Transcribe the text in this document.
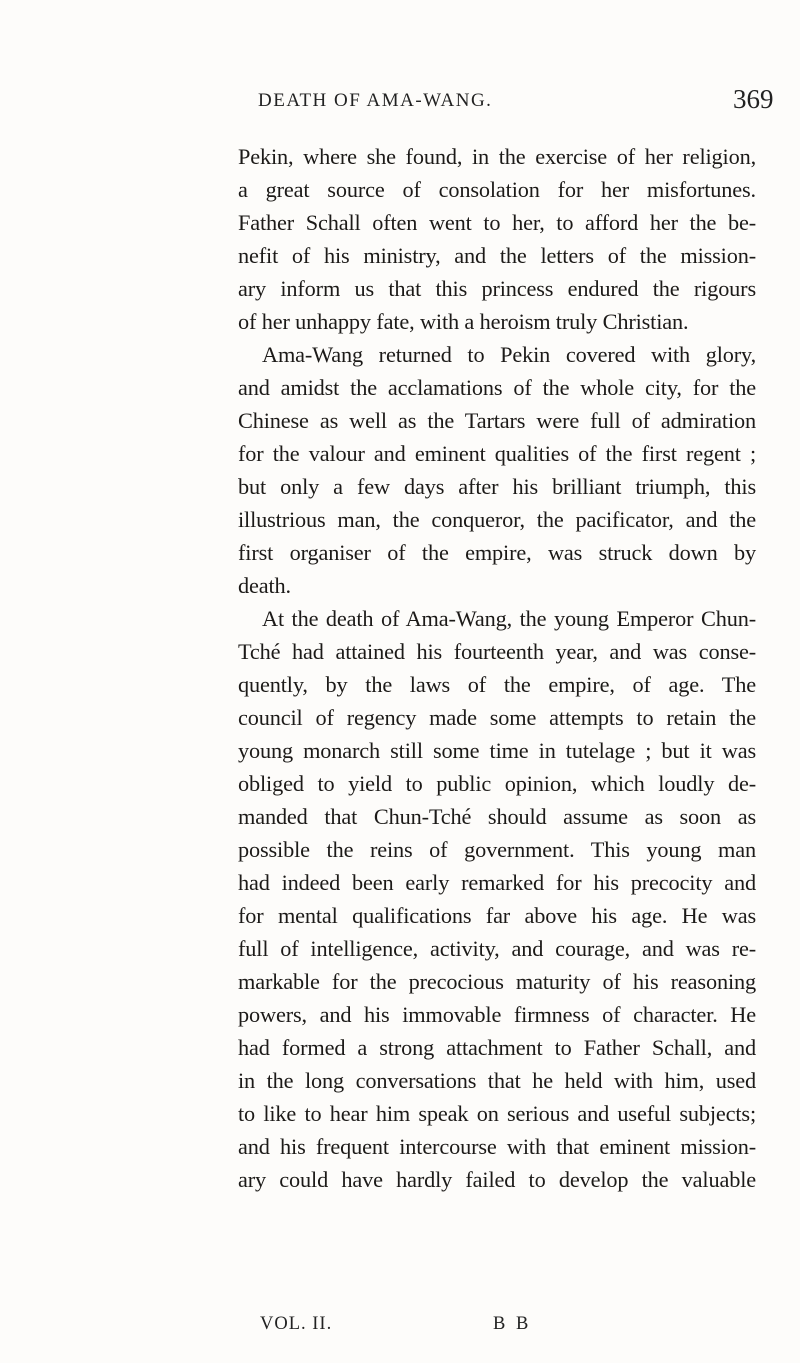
DEATH OF AMA-WANG.	369
Pekin, where she found, in the exercise of her religion,
a great source of consolation for her misfortunes.
Father Schall often went to her, to afford her the be-
nefit of his ministry, and the letters of the mission-
ary inform us that this princess endured the rigours
of her unhappy fate, with a heroism truly Christian.
Ama-Wang returned to Pekin covered with glory,
and amidst the acclamations of the whole city, for the
Chinese as well as the Tartars were full of admiration
for the valour and eminent qualities of the first regent ;
but only a few days after his brilliant triumph, this
illustrious man, the conqueror, the pacificator, and the
first organiser of the empire, was struck down by
death.
At the death of Ama-Wang, the young Emperor Chun-
Tché had attained his fourteenth year, and was conse-
quently, by the laws of the empire, of age. The
council of regency made some attempts to retain the
young monarch still some time in tutelage ; but it was
obliged to yield to public opinion, which loudly de-
manded that Chun-Tché should assume as soon as
possible the reins of government. This young man
had indeed been early remarked for his precocity and
for mental qualifications far above his age. He was
full of intelligence, activity, and courage, and was re-
markable for the precocious maturity of his reasoning
powers, and his immovable firmness of character. He
had formed a strong attachment to Father Schall, and
in the long conversations that he held with him, used
to like to hear him speak on serious and useful subjects;
and his frequent intercourse with that eminent mission-
ary could have hardly failed to develop the valuable
VOL. II.	B B
